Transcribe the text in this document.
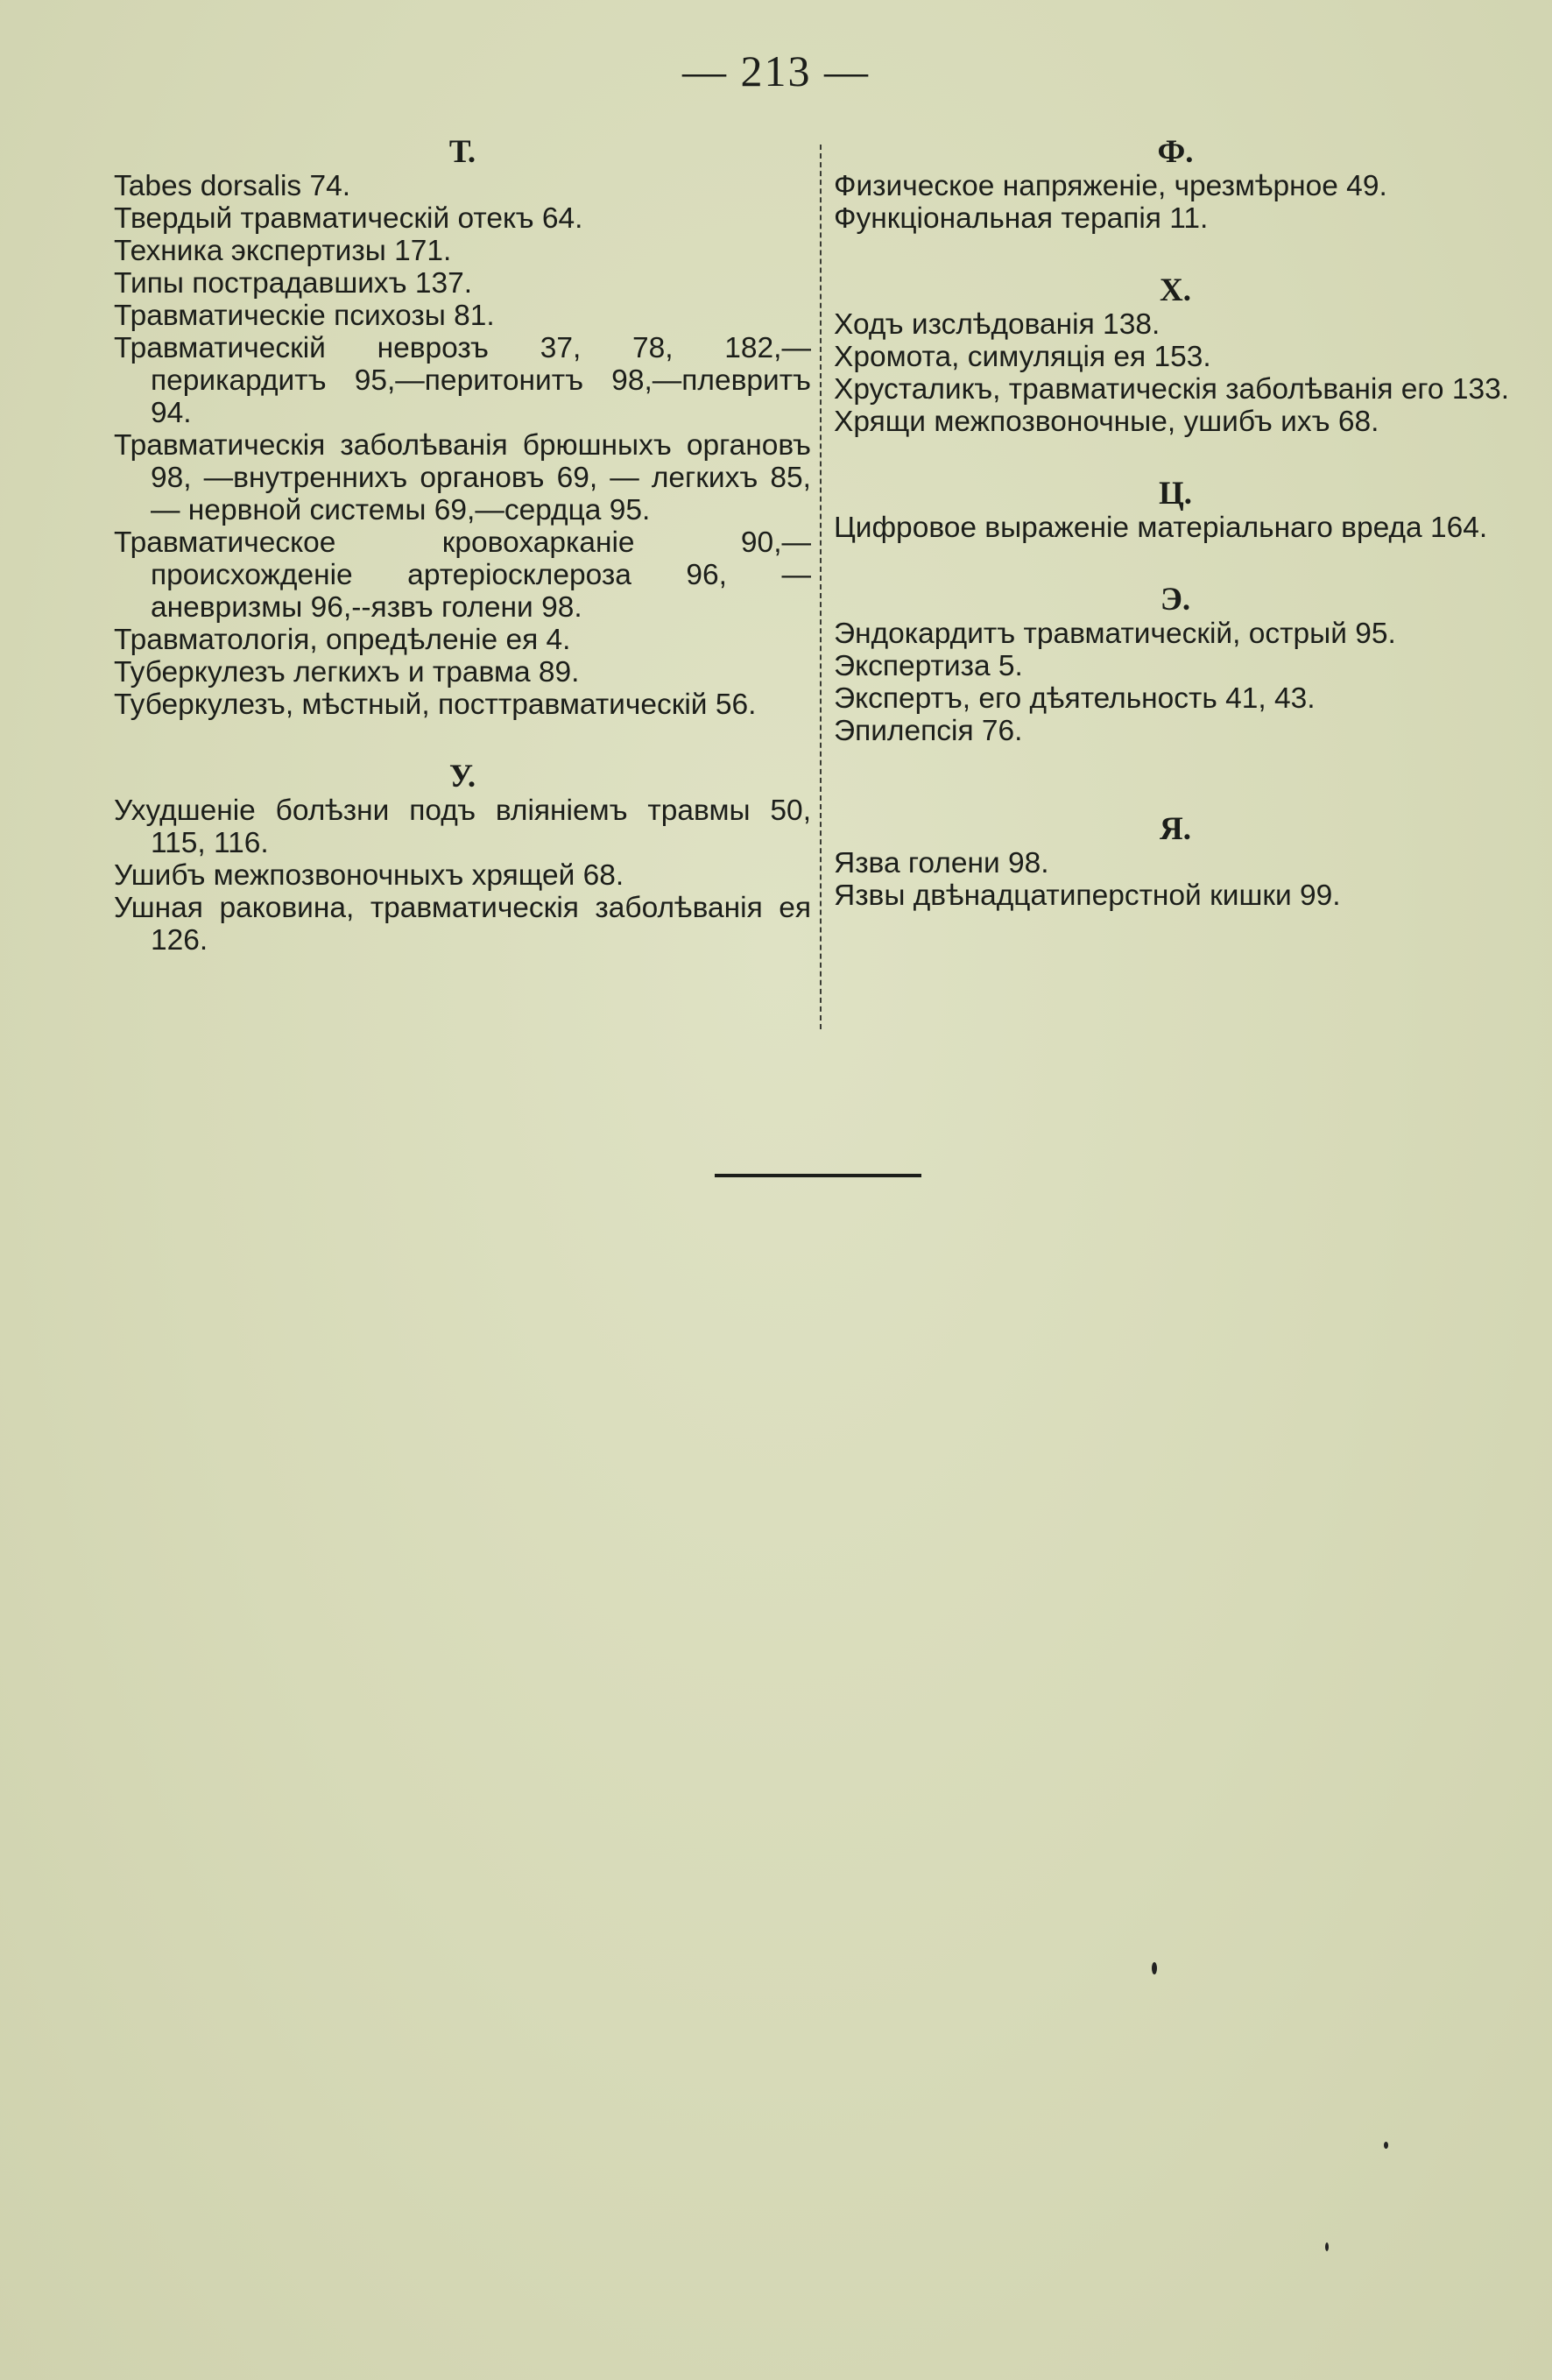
— 213 —
Т.

Tabes dorsalis 74.

Твердый травматическій отекъ 64.

Техника экспертизы 171.

Типы пострадавшихъ 137.

Травматическіе психозы 81.

Травматическій неврозъ 37, 78, 182,—перикардитъ 95,—перитонитъ 98,—плевритъ 94.

Травматическія заболѣванія брюшныхъ органовъ 98, —внутреннихъ органовъ 69, — легкихъ 85, — нервной системы 69,—сердца 95.

Травматическое кровохарканіе 90,—происхожденіе артеріосклероза 96, — аневризмы 96,--язвъ голени 98.

Травматологія, опредѣленіе ея 4.

Туберкулезъ легкихъ и травма 89.

Туберкулезъ, мѣстный, посттравматическій 56.

У.

Ухудшеніе болѣзни подъ вліяніемъ травмы 50, 115, 116.

Ушибъ межпозвоночныхъ хрящей 68.

Ушная раковина, травматическія заболѣванія ея 126.

Ф.

Физическое напряженіе, чрезмѣрное 49.

Функціональная терапія 11.

Х.

Ходъ изслѣдованія 138.

Хромота, симуляція ея 153.

Хрусталикъ, травматическія заболѣванія его 133.

Хрящи межпозвоночные, ушибъ ихъ 68.

Ц.

Цифровое выраженіе матеріальнаго вреда 164.

Э.

Эндокардитъ травматическій, острый 95.

Экспертиза 5.

Экспертъ, его дѣятельность 41, 43.

Эпилепсія 76.

Я.

Язва голени 98.

Язвы двѣнадцатиперстной кишки 99.
